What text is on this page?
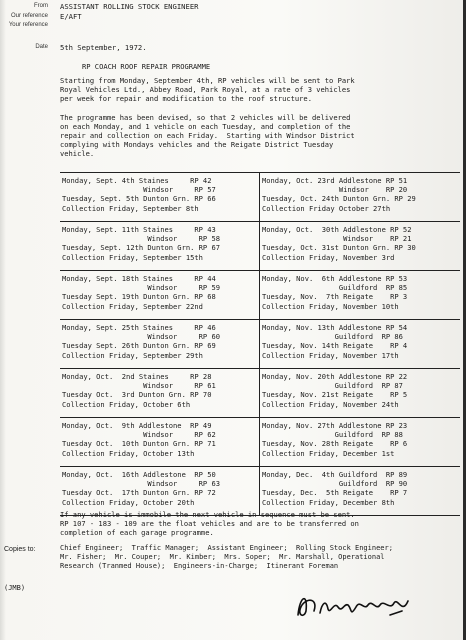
From ASSISTANT ROLLING STOCK ENGINEER
Our reference E/AFT
Your reference
Date 5th September, 1972.
RP COACH ROOF REPAIR PROGRAMME
Starting from Monday, September 4th, RP vehicles will be sent to Park
Royal Vehicles Ltd., Abbey Road, Park Royal, at a rate of 3 vehicles
per week for repair and modification to the roof structure.
The programme has been devised, so that 2 vehicles will be delivered
on each Monday, and 1 vehicle on each Tuesday, and completion of the
repair and collection on each Friday.  Starting with Windsor District
complying with Mondays vehicles and the Reigate District Tuesday
vehicle.
Monday, Sept. 4th Staines     RP 42
Windsor     RP 57
Tuesday, Sept. 5th Dunton Grn. RP 66
Collection Friday, September 8th
Monday, Oct. 23rd Addlestone RP 51
Windsor    RP 20
Tuesday, Oct. 24th Dunton Grn. RP 29
Collection Friday October 27th
Monday, Sept. 11th Staines     RP 43
Windsor     RP 58
Tuesday, Sept. 12th Dunton Grn. RP 67
Collection Friday, September 15th
Monday, Oct.  30th Addlestone RP 52
Windsor    RP 21
Tuesday, Oct. 31st Dunton Grn. RP 30
Collection Friday, November 3rd
Monday, Sept. 18th Staines     RP 44
Windsor     RP 59
Tuesday Sept. 19th Dunton Grn. RP 68
Collection Friday, September 22nd
Monday, Nov.  6th Addlestone RP 53
Guildford  RP 85
Tuesday, Nov.  7th Reigate    RP 3
Collection Friday, November 10th
Monday, Sept. 25th Staines     RP 46
Windsor     RP 60
Tuesday Sept. 26th Dunton Grn. RP 69
Collection Friday, September 29th
Monday, Nov. 13th Addlestone RP 54
Guildford  RP 86
Tuesday, Nov. 14th Reigate    RP 4
Collection Friday, November 17th
Monday, Oct.  2nd Staines     RP 28
Windsor     RP 61
Tuesday Oct.  3rd Dunton Grn. RP 70
Collection Friday, October 6th
Monday, Nov. 20th Addlestone RP 22
Guildford  RP 87
Tuesday, Nov. 21st Reigate    RP 5
Collection Friday, November 24th
Monday, Oct.  9th Addlestone  RP 49
Windsor     RP 62
Tuesday Oct.  10th Dunton Grn. RP 71
Collection Friday, October 13th
Monday, Nov. 27th Addlestone RP 23
Guildford  RP 88
Tuesday, Nov. 28th Reigate    RP 6
Collection Friday, December 1st
Monday, Oct.  16th Addlestone  RP 50
Windsor     RP 63
Tuesday Oct.  17th Dunton Grn. RP 72
Collection Friday, October 20th
Monday, Dec.  4th Guildford  RP 89
Guildford  RP 90
Tuesday, Dec.  5th Reigate    RP 7
Collection Friday, December 8th
If any vehicle is immobile the next vehicle in sequence must be sent.
RP 107 - 183 - 109 are the float vehicles and are to be transferred on
completion of each garage programme.
Copies to:	Chief Engineer;  Traffic Manager;  Assistant Engineer;  Rolling Stock Engineer;
Mr. Fisher;  Mr. Couper;  Mr. Kimber;  Mrs. Soper;  Mr. Marshall, Operational
Research (Tranmed House);  Engineers-in-Charge;  Itinerant Foreman
(JMB)
